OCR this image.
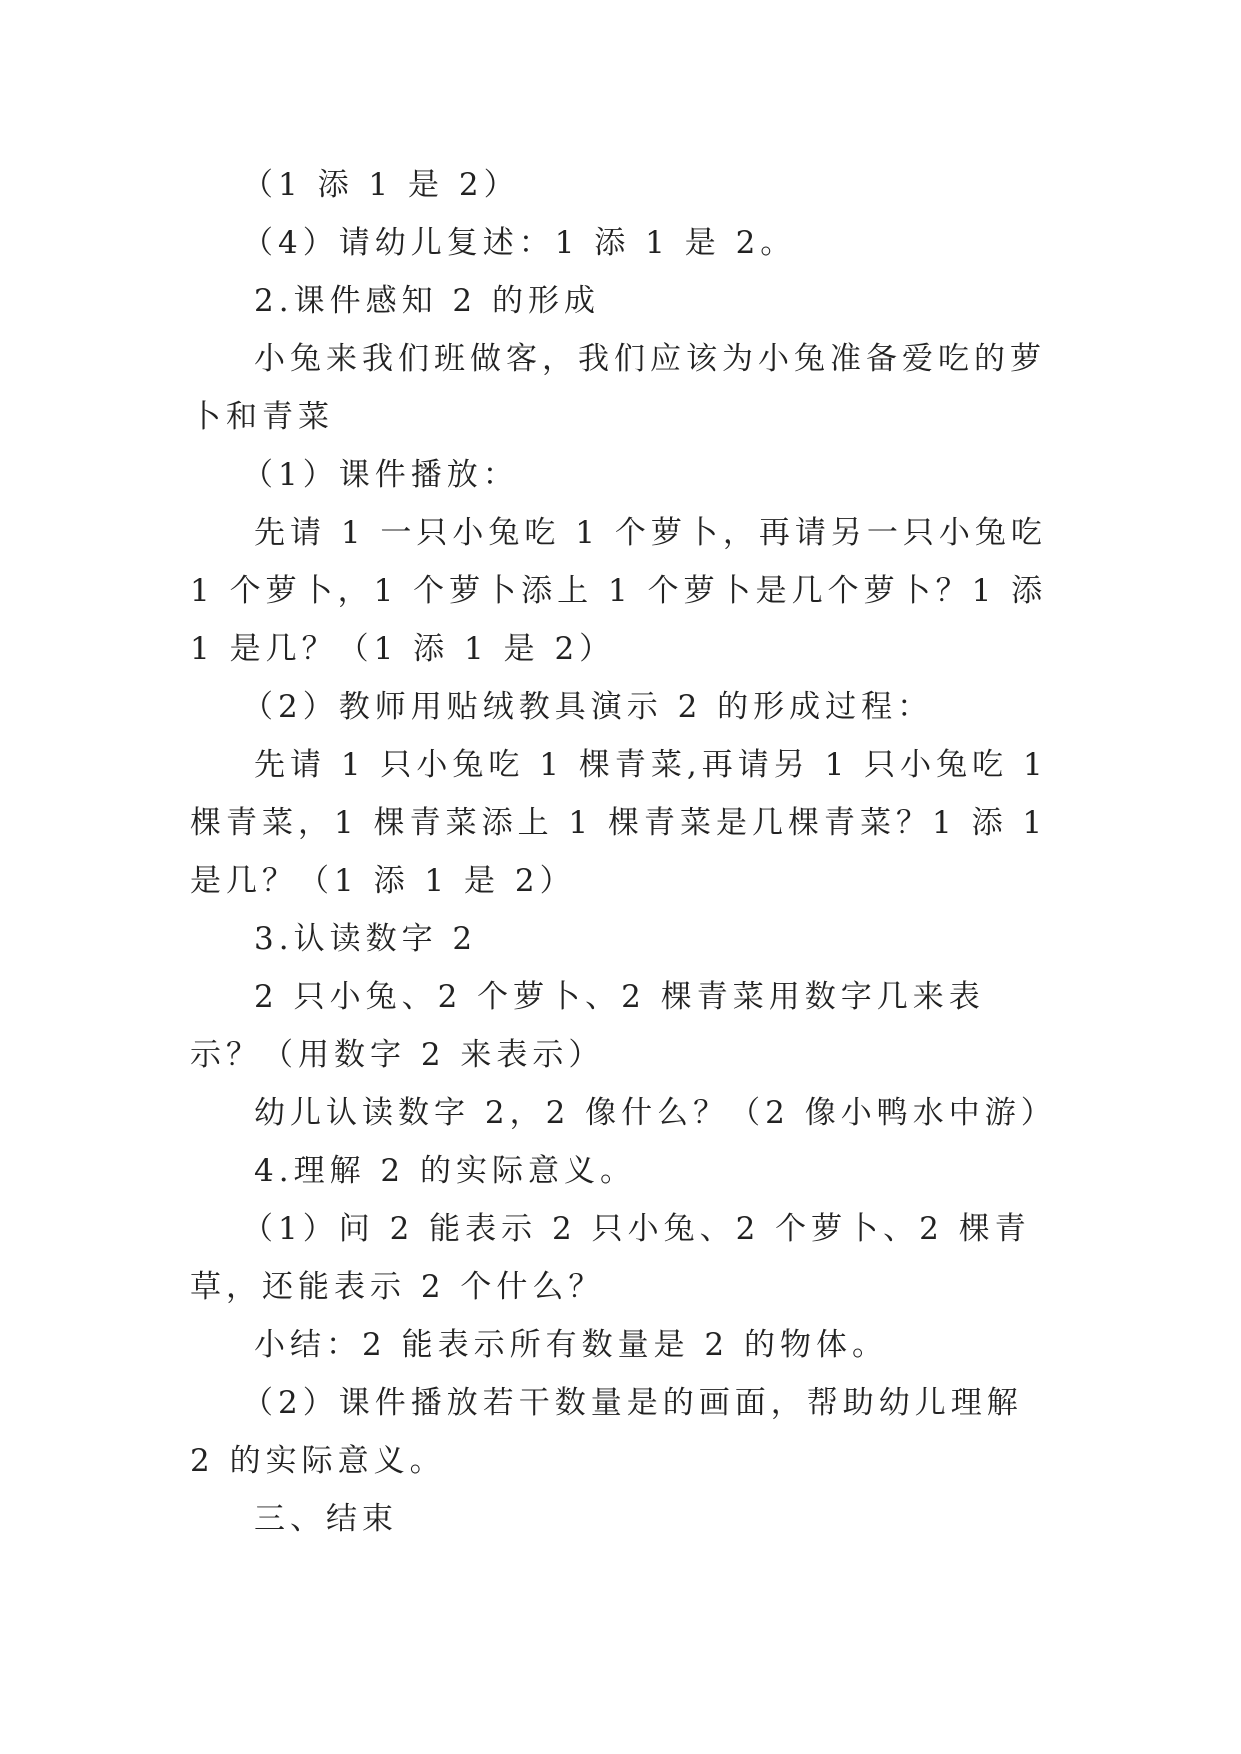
（1 添 1 是 2）

（4）请幼儿复述：1 添 1 是 2。

2.课件感知 2 的形成

小兔来我们班做客，我们应该为小兔准备爱吃的萝卜和青菜

（1）课件播放：

先请 1 一只小兔吃 1 个萝卜，再请另一只小兔吃 1 个萝卜，1 个萝卜添上 1 个萝卜是几个萝卜？1 添 1 是几？（1 添 1 是 2）

（2）教师用贴绒教具演示 2 的形成过程：

先请 1 只小兔吃 1 棵青菜,再请另 1 只小兔吃 1 棵青菜，1 棵青菜添上 1 棵青菜是几棵青菜？1 添 1 是几？（1 添 1 是 2）

3.认读数字 2

2 只小兔、2 个萝卜、2 棵青菜用数字几来表示？（用数字 2 来表示）

幼儿认读数字 2，2 像什么？（2 像小鸭水中游）

4.理解 2 的实际意义。

（1）问 2 能表示 2 只小兔、2 个萝卜、2 棵青草，还能表示 2 个什么？

小结：2 能表示所有数量是 2 的物体。

（2）课件播放若干数量是的画面，帮助幼儿理解 2 的实际意义。

三、结束
